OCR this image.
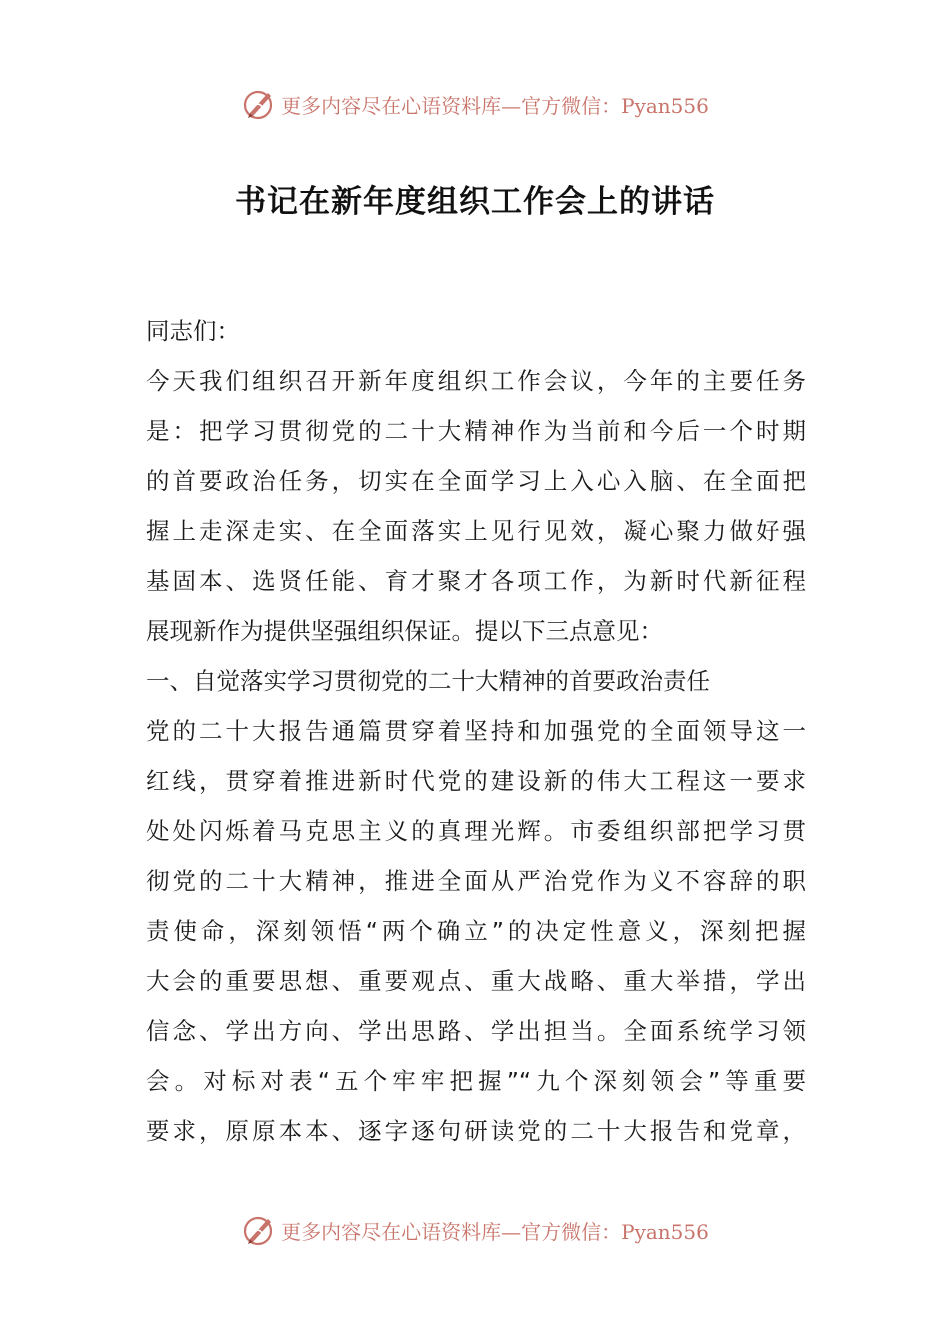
更多内容尽在心语资料库—官方微信：Pyan556
书记在新年度组织工作会上的讲话
同志们：
今天我们组织召开新年度组织工作会议，今年的主要任务
是：把学习贯彻党的二十大精神作为当前和今后一个时期
的首要政治任务，切实在全面学习上入心入脑、在全面把
握上走深走实、在全面落实上见行见效，凝心聚力做好强
基固本、选贤任能、育才聚才各项工作，为新时代新征程
展现新作为提供坚强组织保证。提以下三点意见：
一、自觉落实学习贯彻党的二十大精神的首要政治责任
党的二十大报告通篇贯穿着坚持和加强党的全面领导这一
红线，贯穿着推进新时代党的建设新的伟大工程这一要求
处处闪烁着马克思主义的真理光辉。市委组织部把学习贯
彻党的二十大精神，推进全面从严治党作为义不容辞的职
责使命，深刻领悟“两个确立”的决定性意义，深刻把握
大会的重要思想、重要观点、重大战略、重大举措，学出
信念、学出方向、学出思路、学出担当。全面系统学习领
会。对标对表“五个牢牢把握”“九个深刻领会”等重要
要求，原原本本、逐字逐句研读党的二十大报告和党章，
更多内容尽在心语资料库—官方微信：Pyan556
